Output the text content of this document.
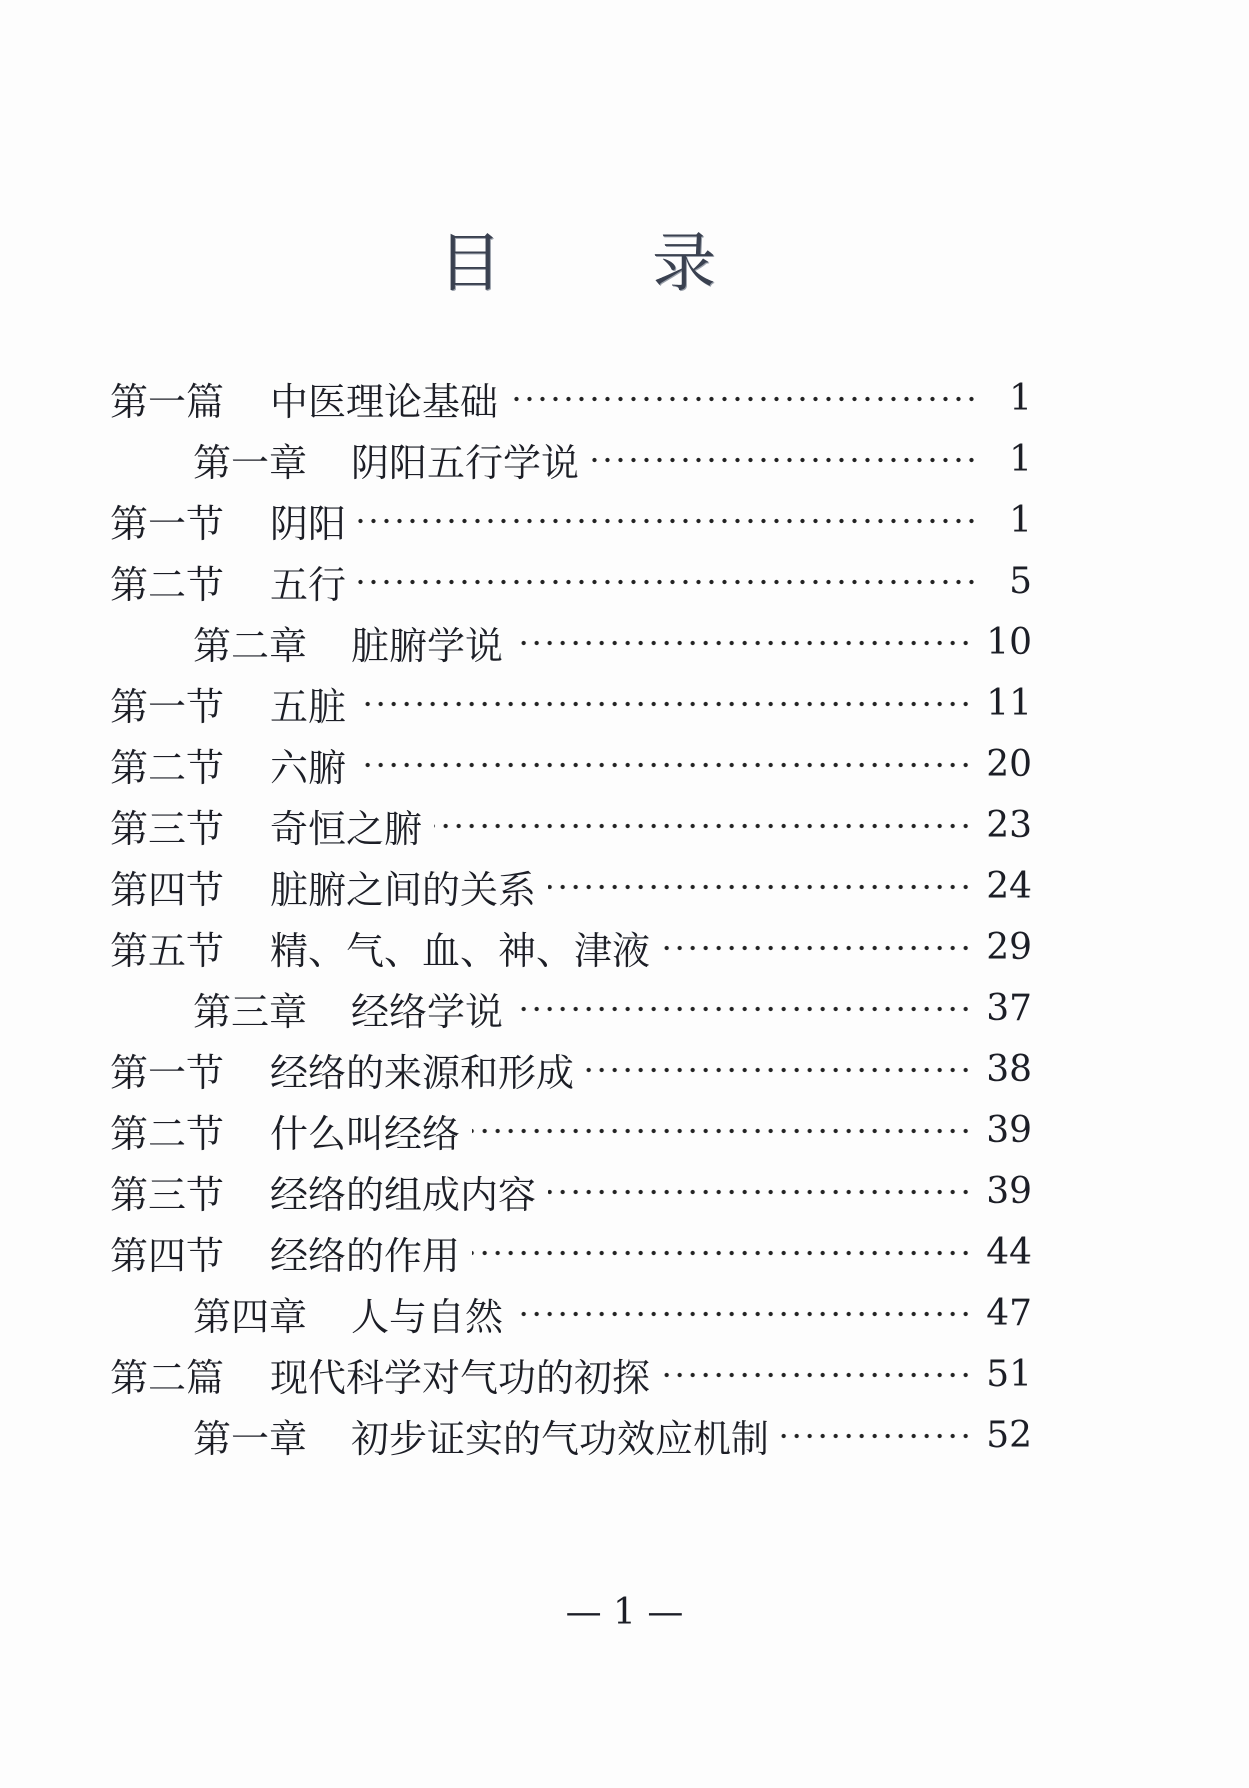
目 录
第一篇	中医理论基础	1
第一章	阴阳五行学说	1
第一节	阴阳	1
第二节	五行	5
第二章	脏腑学说	10
第一节	五脏	11
第二节	六腑	20
第三节	奇恒之腑	23
第四节	脏腑之间的关系	24
第五节	精、气、血、神、津液	29
第三章	经络学说	37
第一节	经络的来源和形成	38
第二节	什么叫经络	39
第三节	经络的组成内容	39
第四节	经络的作用	44
第四章	人与自然	47
第二篇	现代科学对气功的初探	51
第一章	初步证实的气功效应机制	52
— 1 —
